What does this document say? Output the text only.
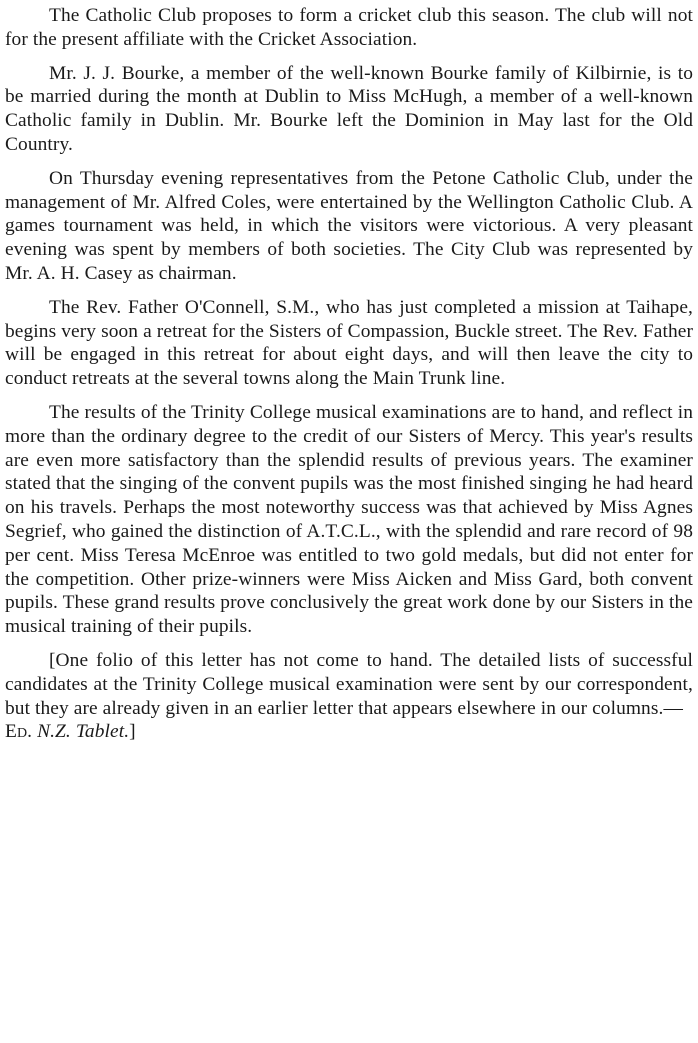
The Catholic Club proposes to form a cricket club this season. The club will not for the present affiliate with the Cricket Association.

Mr. J. J. Bourke, a member of the well-known Bourke family of Kilbirnie, is to be married during the month at Dublin to Miss McHugh, a member of a well-known Catholic family in Dublin. Mr. Bourke left the Dominion in May last for the Old Country.

On Thursday evening representatives from the Petone Catholic Club, under the management of Mr. Alfred Coles, were entertained by the Wellington Catholic Club. A games tournament was held, in which the visitors were victorious. A very pleasant evening was spent by members of both societies. The City Club was represented by Mr. A. H. Casey as chairman.

The Rev. Father O'Connell, S.M., who has just completed a mission at Taihape, begins very soon a retreat for the Sisters of Compassion, Buckle street. The Rev. Father will be engaged in this retreat for about eight days, and will then leave the city to conduct retreats at the several towns along the Main Trunk line.

The results of the Trinity College musical examinations are to hand, and reflect in more than the ordinary degree to the credit of our Sisters of Mercy. This year's results are even more satisfactory than the splendid results of previous years. The examiner stated that the singing of the convent pupils was the most finished singing he had heard on his travels. Perhaps the most noteworthy success was that achieved by Miss Agnes Segrief, who gained the distinction of A.T.C.L., with the splendid and rare record of 98 per cent. Miss Teresa McEnroe was entitled to two gold medals, but did not enter for the competition. Other prize-winners were Miss Aicken and Miss Gard, both convent pupils. These grand results prove conclusively the great work done by our Sisters in the musical training of their pupils.

[One folio of this letter has not come to hand. The detailed lists of successful candidates at the Trinity College musical examination were sent by our correspondent, but they are already given in an earlier letter that appears elsewhere in our columns.—
Ed. N.Z. Tablet.]
